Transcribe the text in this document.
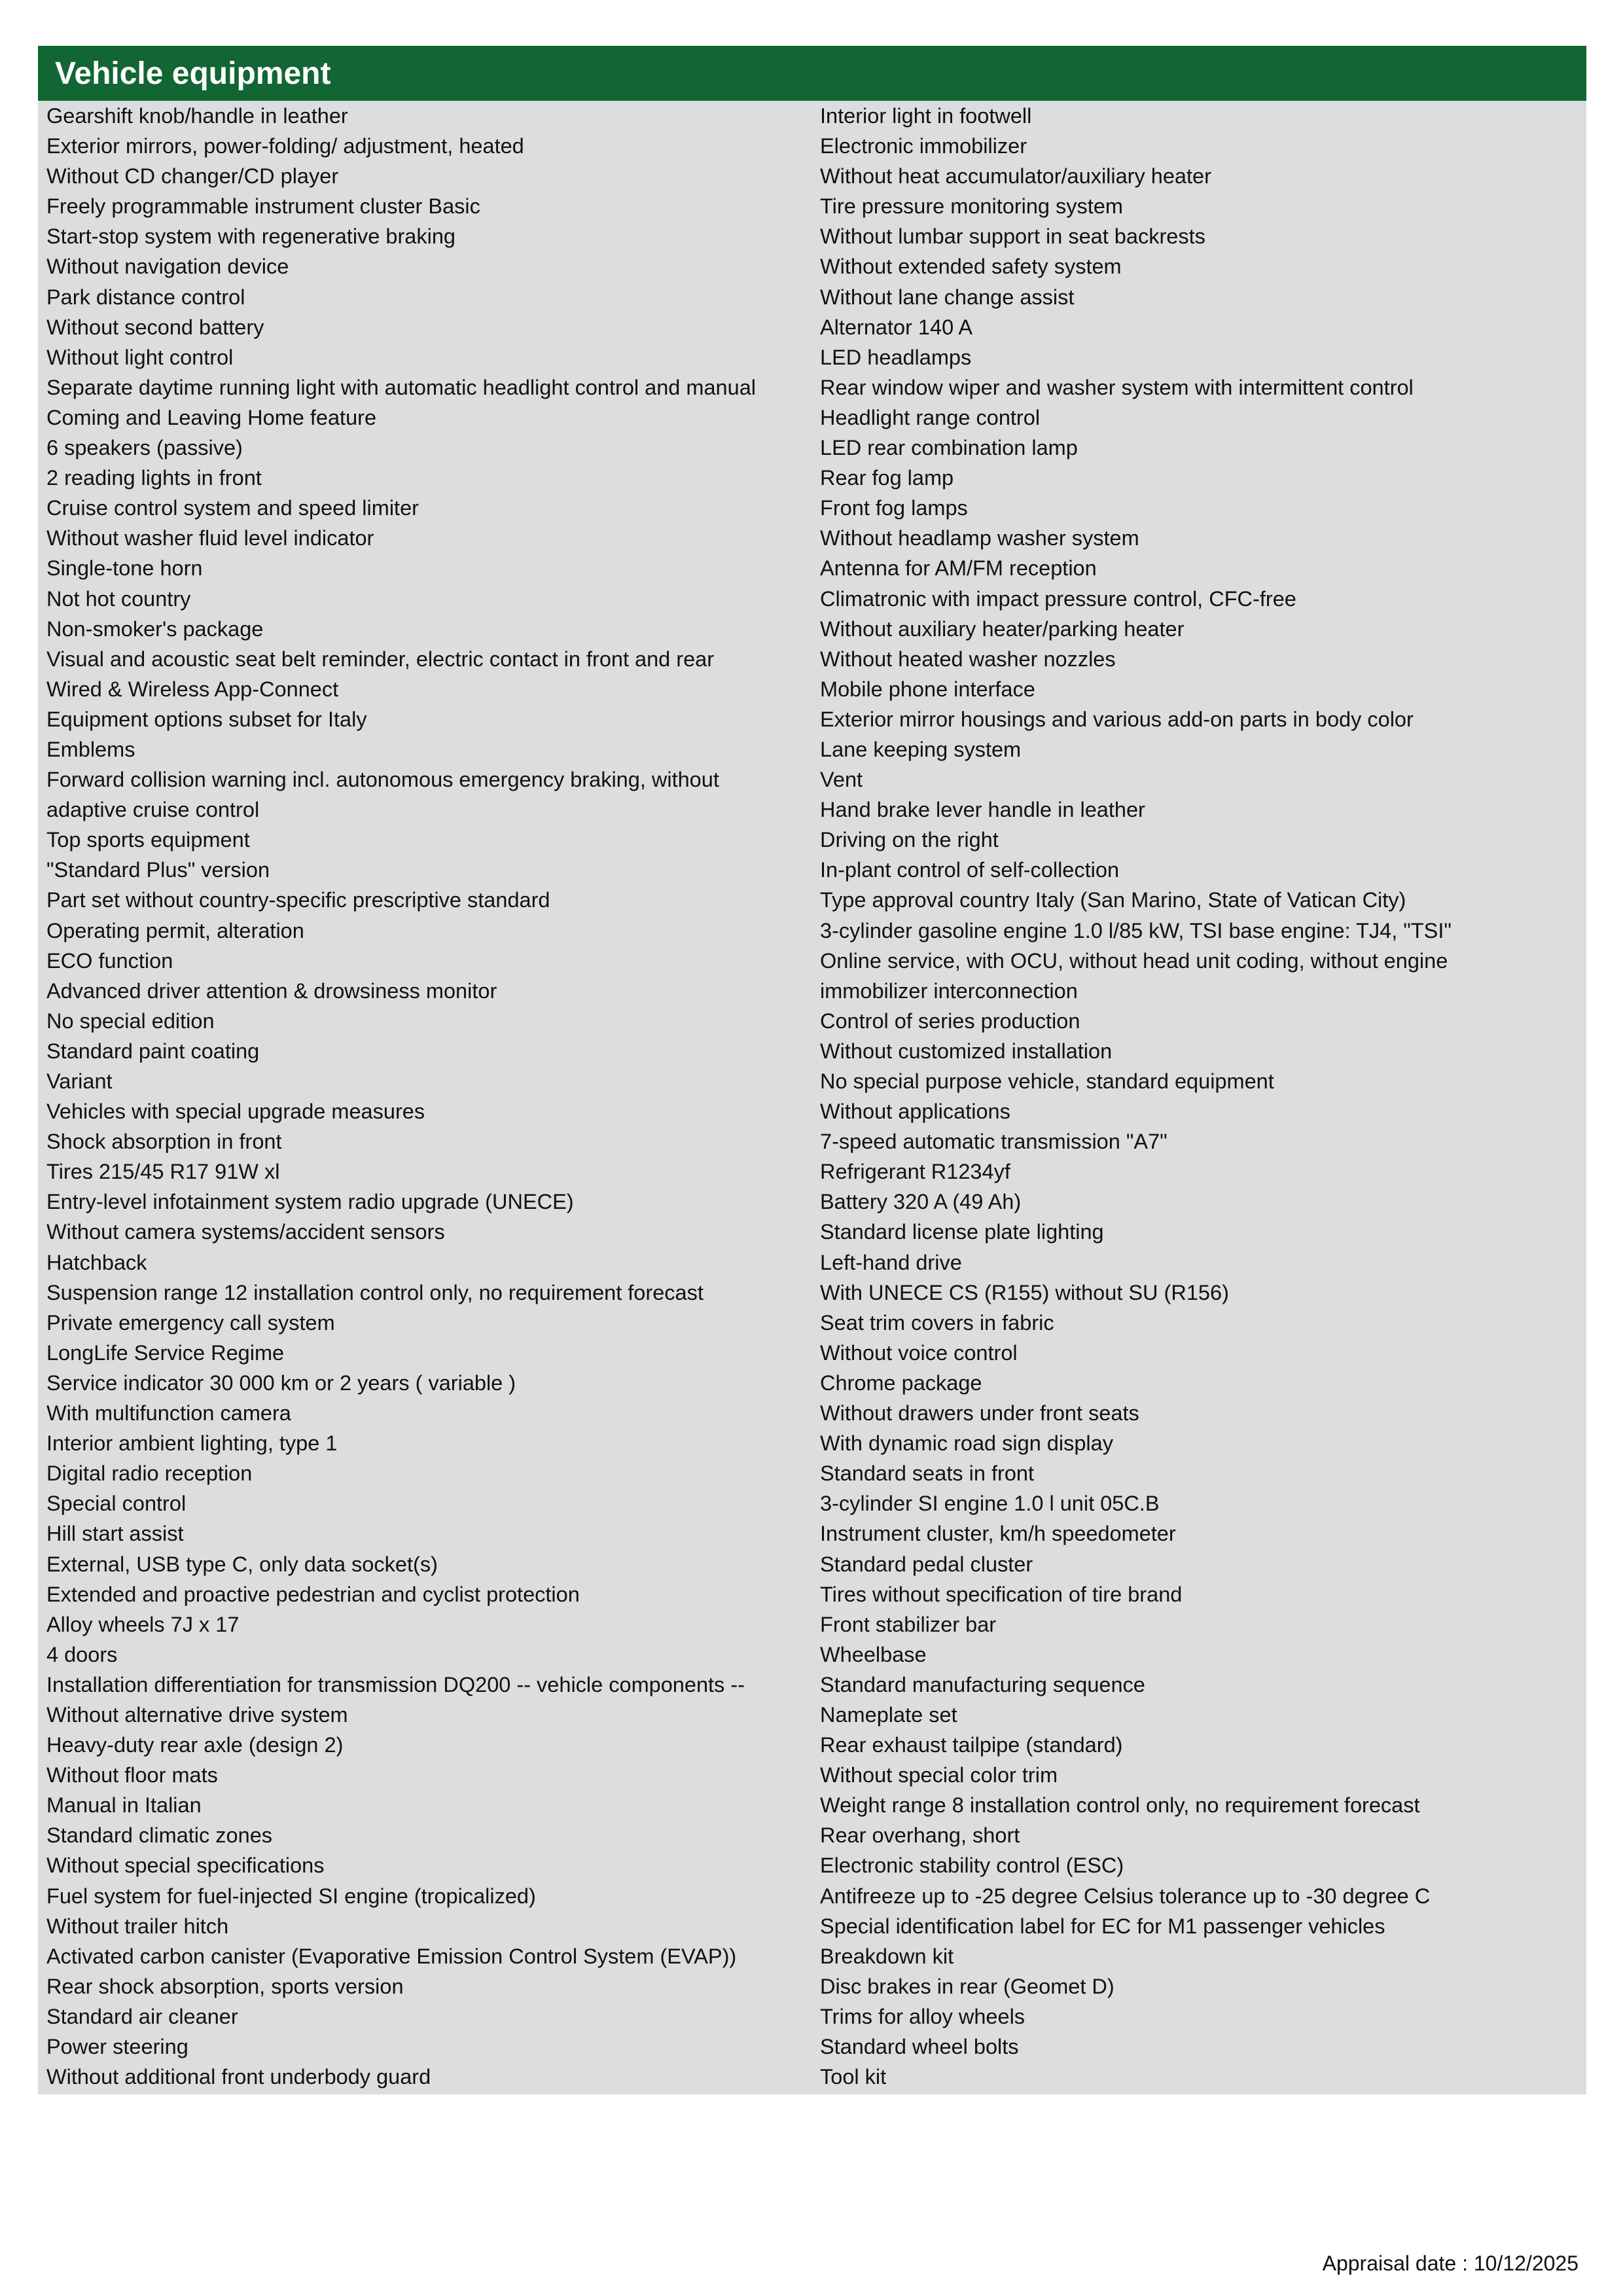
Vehicle equipment
Gearshift knob/handle in leather
Exterior mirrors, power-folding/ adjustment, heated
Without CD changer/CD player
Freely programmable instrument cluster Basic
Start-stop system with regenerative braking
Without navigation device
Park distance control
Without second battery
Without light control
Separate daytime running light with automatic headlight control and manual
Coming and Leaving Home feature
6 speakers (passive)
2 reading lights in front
Cruise control system and speed limiter
Without washer fluid level indicator
Single-tone horn
Not hot country
Non-smoker's package
Visual and acoustic seat belt reminder, electric contact in front and rear
Wired & Wireless App-Connect
Equipment options subset for Italy
Emblems
Forward collision warning incl. autonomous emergency braking, without
adaptive cruise control
Top sports equipment
"Standard Plus" version
Part set without country-specific prescriptive standard
Operating permit, alteration
ECO function
Advanced driver attention & drowsiness monitor
No special edition
Standard paint coating
Variant
Vehicles with special upgrade measures
Shock absorption in front
Tires 215/45 R17 91W xl
Entry-level infotainment system radio upgrade (UNECE)
Without camera systems/accident sensors
Hatchback
Suspension range 12 installation control only, no requirement forecast
Private emergency call system
LongLife Service Regime
Service indicator 30 000 km or 2 years ( variable )
With multifunction camera
Interior ambient lighting, type 1
Digital radio reception
Special control
Hill start assist
External, USB type C, only data socket(s)
Extended and proactive pedestrian and cyclist protection
Alloy wheels 7J x 17
4 doors
Installation differentiation for transmission DQ200 -- vehicle components --
Without alternative drive system
Heavy-duty rear axle (design 2)
Without floor mats
Manual in Italian
Standard climatic zones
Without special specifications
Fuel system for fuel-injected SI engine (tropicalized)
Without trailer hitch
Activated carbon canister (Evaporative Emission Control System (EVAP))
Rear shock absorption, sports version
Standard air cleaner
Power steering
Without additional front underbody guard
Interior light in footwell
Electronic immobilizer
Without heat accumulator/auxiliary heater
Tire pressure monitoring system
Without lumbar support in seat backrests
Without extended safety system
Without lane change assist
Alternator 140 A
LED headlamps
Rear window wiper and washer system with intermittent control
Headlight range control
LED rear combination lamp
Rear fog lamp
Front fog lamps
Without headlamp washer system
Antenna for AM/FM reception
Climatronic with impact pressure control, CFC-free
Without auxiliary heater/parking heater
Without heated washer nozzles
Mobile phone interface
Exterior mirror housings and various add-on parts in body color
Lane keeping system
Vent
Hand brake lever handle in leather
Driving on the right
In-plant control of self-collection
Type approval country Italy (San Marino, State of Vatican City)
3-cylinder gasoline engine 1.0 l/85 kW, TSI base engine: TJ4, "TSI"
Online service, with OCU, without head unit coding, without engine
immobilizer interconnection
Control of series production
Without customized installation
No special purpose vehicle, standard equipment
Without applications
7-speed automatic transmission "A7"
Refrigerant R1234yf
Battery 320 A (49 Ah)
Standard license plate lighting
Left-hand drive
With UNECE CS (R155) without SU (R156)
Seat trim covers in fabric
Without voice control
Chrome package
Without drawers under front seats
With dynamic road sign display
Standard seats in front
3-cylinder SI engine 1.0 l unit 05C.B
Instrument cluster, km/h speedometer
Standard pedal cluster
Tires without specification of tire brand
Front stabilizer bar
Wheelbase
Standard manufacturing sequence
Nameplate set
Rear exhaust tailpipe (standard)
Without special color trim
Weight range 8 installation control only, no requirement forecast
Rear overhang, short
Electronic stability control (ESC)
Antifreeze up to -25 degree Celsius tolerance up to -30 degree C
Special identification label for EC for M1 passenger vehicles
Breakdown kit
Disc brakes in rear (Geomet D)
Trims for alloy wheels
Standard wheel bolts
Tool kit
Appraisal date : 10/12/2025
